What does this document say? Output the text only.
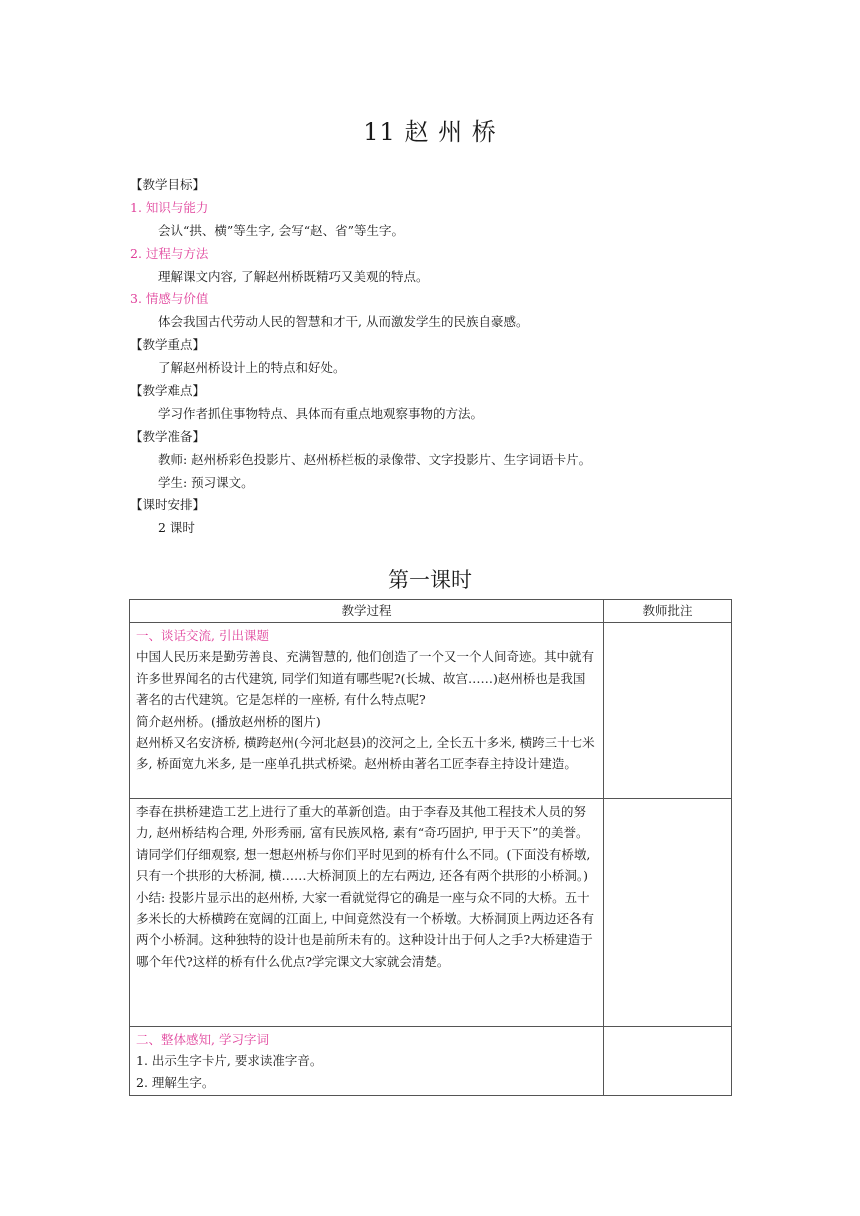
11 赵 州 桥
【教学目标】
1. 知识与能力
会认“拱、横”等生字, 会写“赵、省”等生字。
2. 过程与方法
理解课文内容, 了解赵州桥既精巧又美观的特点。
3. 情感与价值
体会我国古代劳动人民的智慧和才干, 从而激发学生的民族自豪感。
【教学重点】
了解赵州桥设计上的特点和好处。
【教学难点】
学习作者抓住事物特点、具体而有重点地观察事物的方法。
【教学准备】
教师: 赵州桥彩色投影片、赵州桥栏板的录像带、文字投影片、生字词语卡片。
学生: 预习课文。
【课时安排】
2 课时
第一课时
教学过程	教师批注

一、谈话交流, 引出课题
中国人民历来是勤劳善良、充满智慧的, 他们创造了一个又一个人间奇迹。其中就有许多世界闻名的古代建筑, 同学们知道有哪些呢?(长城、故宫……)赵州桥也是我国著名的古代建筑。它是怎样的一座桥, 有什么特点呢?
简介赵州桥。(播放赵州桥的图片)
赵州桥又名安济桥, 横跨赵州(今河北赵县)的洨河之上, 全长五十多米, 横跨三十七米多, 桥面宽九米多, 是一座单孔拱式桥梁。赵州桥由著名工匠李春主持设计建造。	

李春在拱桥建造工艺上进行了重大的革新创造。由于李春及其他工程技术人员的努力, 赵州桥结构合理, 外形秀丽, 富有民族风格, 素有“奇巧固护, 甲于天下”的美誉。
请同学们仔细观察, 想一想赵州桥与你们平时见到的桥有什么不同。(下面没有桥墩, 只有一个拱形的大桥洞, 横……大桥洞顶上的左右两边, 还各有两个拱形的小桥洞。)
小结: 投影片显示出的赵州桥, 大家一看就觉得它的确是一座与众不同的大桥。五十多米长的大桥横跨在宽阔的江面上, 中间竟然没有一个桥墩。大桥洞顶上两边还各有两个小桥洞。这种独特的设计也是前所未有的。这种设计出于何人之手?大桥建造于哪个年代?这样的桥有什么优点?学完课文大家就会清楚。	

二、整体感知, 学习字词
1. 出示生字卡片, 要求读准字音。
2. 理解生字。	
